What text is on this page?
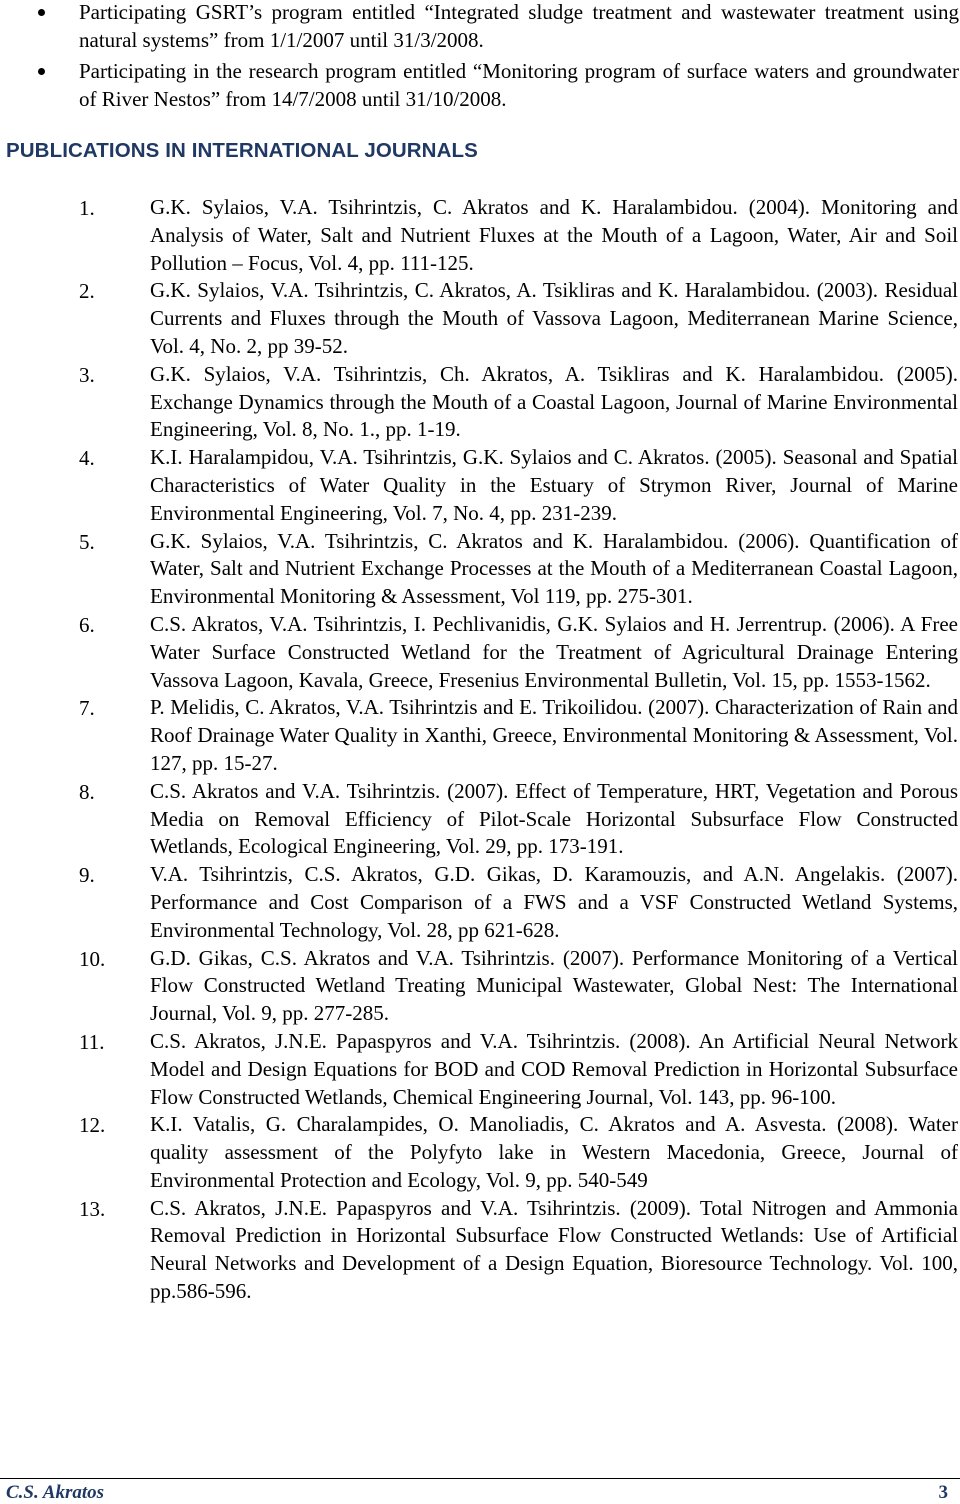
Participating GSRT’s program entitled “Integrated sludge treatment and wastewater treatment using natural systems” from 1/1/2007 until 31/3/2008.
Participating in the research program entitled “Monitoring program of surface waters and groundwater of River Nestos” from 14/7/2008 until 31/10/2008.
PUBLICATIONS IN INTERNATIONAL JOURNALS
1.	G.K. Sylaios, V.A. Tsihrintzis, C. Akratos and K. Haralambidou. (2004). Monitoring and Analysis of Water, Salt and Nutrient Fluxes at the Mouth of a Lagoon, Water, Air and Soil Pollution – Focus, Vol. 4, pp. 111-125.
2.	G.K. Sylaios, V.A. Tsihrintzis, C. Akratos, A. Tsikliras and K. Haralambidou. (2003). Residual Currents and Fluxes through the Mouth of Vassova Lagoon, Mediterranean Marine Science, Vol. 4, No. 2, pp 39-52.
3.	G.K. Sylaios, V.A. Tsihrintzis, Ch. Akratos, A. Tsikliras and K. Haralambidou. (2005). Exchange Dynamics through the Mouth of a Coastal Lagoon, Journal of Marine Environmental Engineering, Vol. 8, No. 1., pp. 1-19.
4.	K.I. Haralampidou, V.A. Tsihrintzis, G.K. Sylaios and C. Akratos. (2005). Seasonal and Spatial Characteristics of Water Quality in the Estuary of Strymon River, Journal of Marine Environmental Engineering, Vol. 7, No. 4, pp. 231-239.
5.	G.K. Sylaios, V.A. Tsihrintzis, C. Akratos and K. Haralambidou. (2006). Quantification of Water, Salt and Nutrient Exchange Processes at the Mouth of a Mediterranean Coastal Lagoon, Environmental Monitoring & Assessment, Vol 119, pp. 275-301.
6.	C.S. Akratos, V.A. Tsihrintzis, I. Pechlivanidis, G.K. Sylaios and H. Jerrentrup. (2006). A Free Water Surface Constructed Wetland for the Treatment of Agricultural Drainage Entering Vassova Lagoon, Kavala, Greece, Fresenius Environmental Bulletin, Vol. 15, pp. 1553-1562.
7.	P. Melidis, C. Akratos, V.A. Tsihrintzis and E. Trikoilidou. (2007). Characterization of Rain and Roof Drainage Water Quality in Xanthi, Greece, Environmental Monitoring & Assessment, Vol. 127, pp. 15-27.
8.	C.S. Akratos and V.A. Tsihrintzis. (2007). Effect of Temperature, HRT, Vegetation and Porous Media on Removal Efficiency of Pilot-Scale Horizontal Subsurface Flow Constructed Wetlands, Ecological Engineering, Vol. 29, pp. 173-191.
9.	V.A. Tsihrintzis, C.S. Akratos, G.D. Gikas, D. Karamouzis, and A.N. Angelakis. (2007). Performance and Cost Comparison of a FWS and a VSF Constructed Wetland Systems, Environmental Technology, Vol. 28, pp 621-628.
10. G.D. Gikas, C.S. Akratos and V.A. Tsihrintzis. (2007). Performance Monitoring of a Vertical Flow Constructed Wetland Treating Municipal Wastewater, Global Nest: The International Journal, Vol. 9, pp. 277-285.
11. C.S. Akratos, J.N.E. Papaspyros and V.A. Tsihrintzis. (2008). An Artificial Neural Network Model and Design Equations for BOD and COD Removal Prediction in Horizontal Subsurface Flow Constructed Wetlands, Chemical Engineering Journal, Vol. 143, pp. 96-100.
12. K.I. Vatalis, G. Charalampides, O. Manoliadis, C. Akratos and A. Asvesta. (2008). Water quality assessment of the Polyfyto lake in Western Macedonia, Greece, Journal of Environmental Protection and Ecology, Vol. 9, pp. 540-549
13. C.S. Akratos, J.N.E. Papaspyros and V.A. Tsihrintzis. (2009). Total Nitrogen and Ammonia Removal Prediction in Horizontal Subsurface Flow Constructed Wetlands: Use of Artificial Neural Networks and Development of a Design Equation, Bioresource Technology. Vol. 100, pp.586-596.
C.S. Akratos	3
